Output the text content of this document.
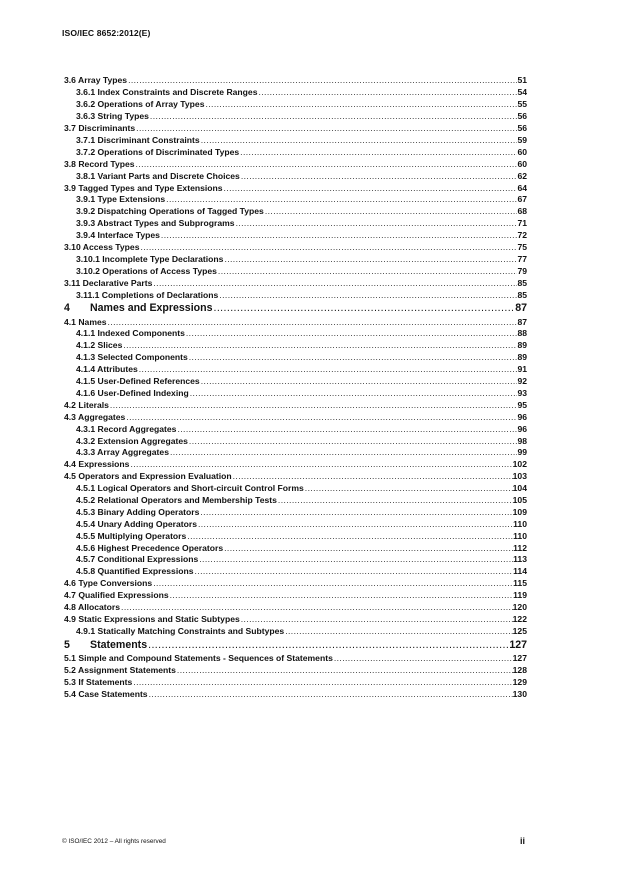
ISO/IEC 8652:2012(E)
3.6 Array Types .....	51
3.6.1 Index Constraints and Discrete Ranges .....	54
3.6.2 Operations of Array Types .....	55
3.6.3 String Types .....	56
3.7 Discriminants .....	56
3.7.1 Discriminant Constraints .....	59
3.7.2 Operations of Discriminated Types .....	60
3.8 Record Types .....	60
3.8.1 Variant Parts and Discrete Choices .....	62
3.9 Tagged Types and Type Extensions .....	64
3.9.1 Type Extensions .....	67
3.9.2 Dispatching Operations of Tagged Types .....	68
3.9.3 Abstract Types and Subprograms .....	71
3.9.4 Interface Types .....	72
3.10 Access Types .....	75
3.10.1 Incomplete Type Declarations .....	77
3.10.2 Operations of Access Types .....	79
3.11 Declarative Parts .....	85
3.11.1 Completions of Declarations .....	85
4 Names and Expressions .....	87
4.1 Names .....	87
4.1.1 Indexed Components .....	88
4.1.2 Slices .....	89
4.1.3 Selected Components .....	89
4.1.4 Attributes .....	91
4.1.5 User-Defined References .....	92
4.1.6 User-Defined Indexing .....	93
4.2 Literals .....	95
4.3 Aggregates .....	96
4.3.1 Record Aggregates .....	96
4.3.2 Extension Aggregates .....	98
4.3.3 Array Aggregates .....	99
4.4 Expressions .....	102
4.5 Operators and Expression Evaluation .....	103
4.5.1 Logical Operators and Short-circuit Control Forms .....	104
4.5.2 Relational Operators and Membership Tests .....	105
4.5.3 Binary Adding Operators .....	109
4.5.4 Unary Adding Operators .....	110
4.5.5 Multiplying Operators .....	110
4.5.6 Highest Precedence Operators .....	112
4.5.7 Conditional Expressions .....	113
4.5.8 Quantified Expressions .....	114
4.6 Type Conversions .....	115
4.7 Qualified Expressions .....	119
4.8 Allocators .....	120
4.9 Static Expressions and Static Subtypes .....	122
4.9.1 Statically Matching Constraints and Subtypes .....	125
5 Statements .....	127
5.1 Simple and Compound Statements - Sequences of Statements .....	127
5.2 Assignment Statements .....	128
5.3 If Statements .....	129
5.4 Case Statements .....	130
© ISO/IEC 2012 – All rights reserved	ii
